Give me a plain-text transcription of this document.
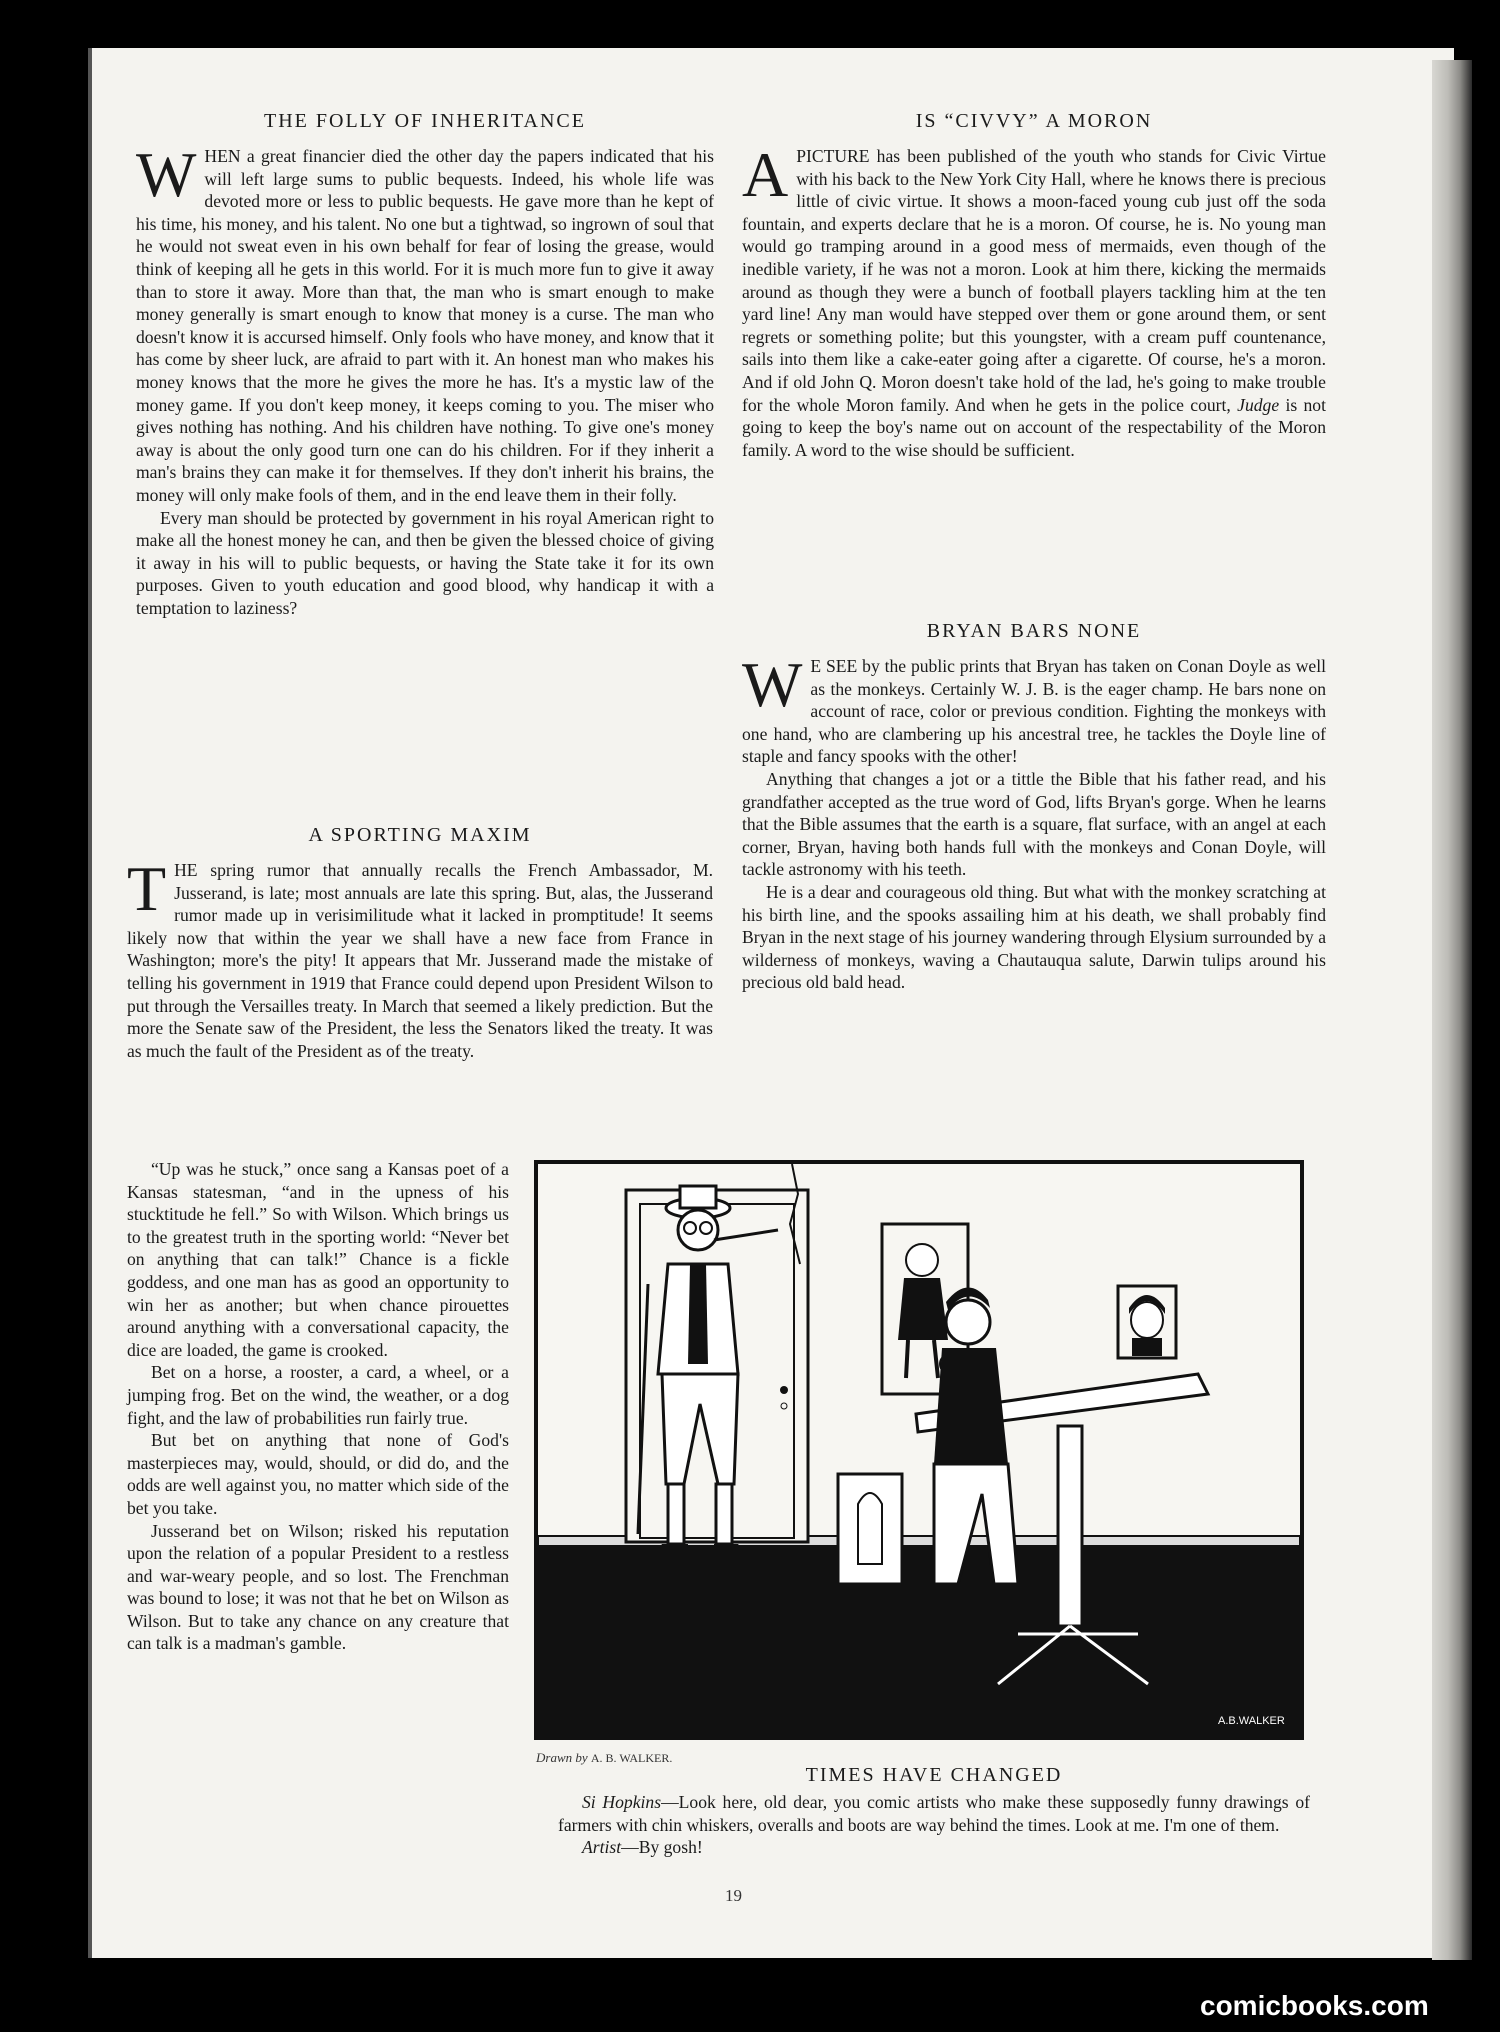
THE FOLLY OF INHERITANCE

WHEN a great financier died the other day the papers indicated that his will left large sums to public bequests. Indeed, his whole life was devoted more or less to public bequests. He gave more than he kept of his time, his money, and his talent. No one but a tightwad, so ingrown of soul that he would not sweat even in his own behalf for fear of losing the grease, would think of keeping all he gets in this world. For it is much more fun to give it away than to store it away. More than that, the man who is smart enough to make money generally is smart enough to know that money is a curse. The man who doesn't know it is accursed himself. Only fools who have money, and know that it has come by sheer luck, are afraid to part with it. An honest man who makes his money knows that the more he gives the more he has. It's a mystic law of the money game. If you don't keep money, it keeps coming to you. The miser who gives nothing has nothing. And his children have nothing. To give one's money away is about the only good turn one can do his children. For if they inherit a man's brains they can make it for themselves. If they don't inherit his brains, the money will only make fools of them, and in the end leave them in their folly.

Every man should be protected by government in his royal American right to make all the honest money he can, and then be given the blessed choice of giving it away in his will to public bequests, or having the State take it for its own purposes. Given to youth education and good blood, why handicap it with a temptation to laziness?

A SPORTING MAXIM

THE spring rumor that annually recalls the French Ambassador, M. Jusserand, is late; most annuals are late this spring. But, alas, the Jusserand rumor made up in verisimilitude what it lacked in promptitude! It seems likely now that within the year we shall have a new face from France in Washington; more's the pity! It appears that Mr. Jusserand made the mistake of telling his government in 1919 that France could depend upon President Wilson to put through the Versailles treaty. In March that seemed a likely prediction. But the more the Senate saw of the President, the less the Senators liked the treaty. It was as much the fault of the President as of the treaty.

“Up was he stuck,” once sang a Kansas poet of a Kansas statesman, “and in the upness of his stucktitude he fell.” So with Wilson. Which brings us to the greatest truth in the sporting world: “Never bet on anything that can talk!” Chance is a fickle goddess, and one man has as good an opportunity to win her as another; but when chance pirouettes around anything with a conversational capacity, the dice are loaded, the game is crooked.

Bet on a horse, a rooster, a card, a wheel, or a jumping frog. Bet on the wind, the weather, or a dog fight, and the law of probabilities run fairly true.

But bet on anything that none of God's masterpieces may, would, should, or did do, and the odds are well against you, no matter which side of the bet you take.

Jusserand bet on Wilson; risked his reputation upon the relation of a popular President to a restless and war-weary people, and so lost. The Frenchman was bound to lose; it was not that he bet on Wilson as Wilson. But to take any chance on any creature that can talk is a madman's gamble.

IS “CIVVY” A MORON

APICTURE has been published of the youth who stands for Civic Virtue with his back to the New York City Hall, where he knows there is precious little of civic virtue. It shows a moon-faced young cub just off the soda fountain, and experts declare that he is a moron. Of course, he is. No young man would go tramping around in a good mess of mermaids, even though of the inedible variety, if he was not a moron. Look at him there, kicking the mermaids around as though they were a bunch of football players tackling him at the ten yard line! Any man would have stepped over them or gone around them, or sent regrets or something polite; but this youngster, with a cream puff countenance, sails into them like a cake-eater going after a cigarette. Of course, he's a moron. And if old John Q. Moron doesn't take hold of the lad, he's going to make trouble for the whole Moron family. And when he gets in the police court, Judge is not going to keep the boy's name out on account of the respectability of the Moron family. A word to the wise should be sufficient.

BRYAN BARS NONE

W E SEE by the public prints that Bryan has taken on Conan Doyle as well as the monkeys. Certainly W. J. B. is the eager champ. He bars none on account of race, color or previous condition. Fighting the monkeys with one hand, who are clambering up his ancestral tree, he tackles the Doyle line of staple and fancy spooks with the other!

Anything that changes a jot or a tittle the Bible that his father read, and his grandfather accepted as the true word of God, lifts Bryan's gorge. When he learns that the Bible assumes that the earth is a square, flat surface, with an angel at each corner, Bryan, having both hands full with the monkeys and Conan Doyle, will tackle astronomy with his teeth.

He is a dear and courageous old thing. But what with the monkey scratching at his birth line, and the spooks assailing him at his death, we shall probably find Bryan in the next stage of his journey wandering through Elysium surrounded by a wilderness of monkeys, waving a Chautauqua salute, Darwin tulips around his precious old bald head.

A.B.WALKER
Drawn by A. B. WALKER.
TIMES HAVE CHANGED

Si Hopkins—Look here, old dear, you comic artists who make these supposedly funny drawings of farmers with chin whiskers, overalls and boots are way behind the times. Look at me. I'm one of them.

Artist—By gosh!

19
comicbooks.com
